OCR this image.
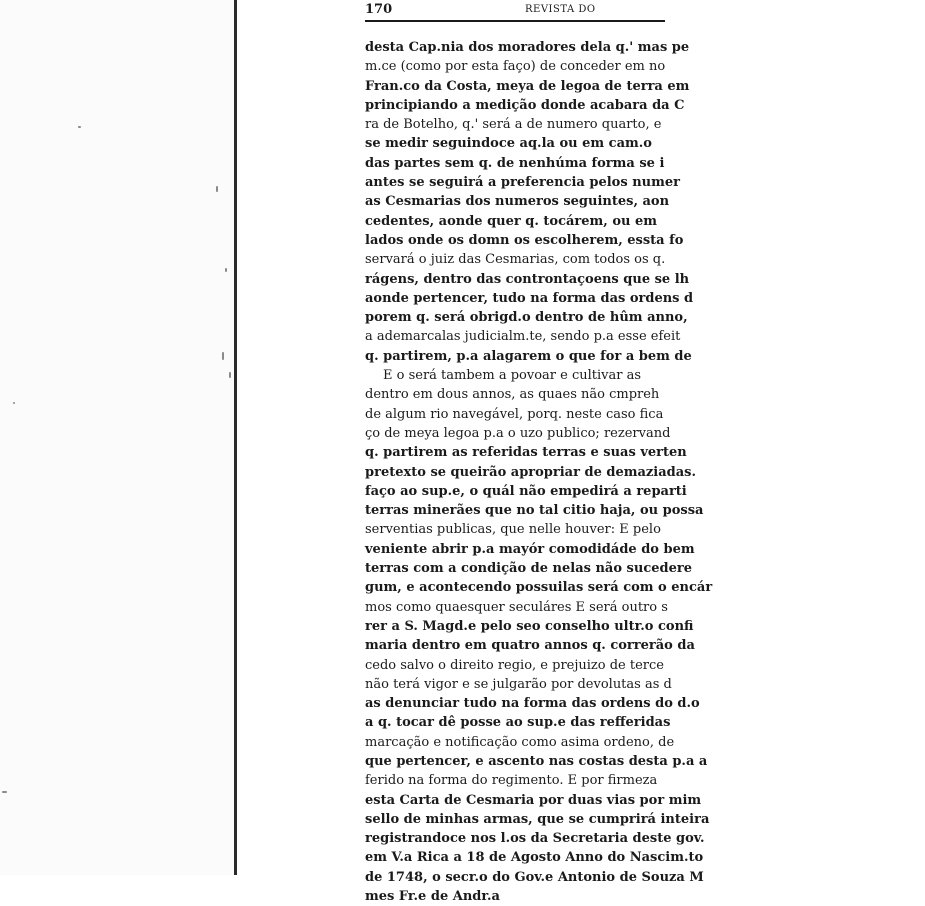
170	REVISTA DO
desta Cap.nia dos moradores dela q.' mas pe
m.ce (como por esta faço) de conceder em no
Fran.co da Costa, meya de legoa de terra em
principiando a medição donde acabara da C
ra de Botelho, q.' será a de numero quarto, e
se medir seguindoce aq.la ou em cam.o
das partes sem q. de nenhúma forma se i
antes se seguirá a preferencia pelos numer
as Cesmarias dos numeros seguintes, aon
cedentes, aonde quer q. tocárem, ou em
lados onde os domn os escolherem, essta fo
servará o juiz das Cesmarias, com todos os q.
rágens, dentro das controntaçoens que se lh
aonde pertencer, tudo na forma das ordens d
porem q. será obrigd.o dentro de hûm anno,
a ademarcalas judicialm.te, sendo p.a esse efeit
q. partirem, p.a alagarem o que for a bem de
E o será tambem a povoar e cultivar as
dentro em dous annos, as quaes não cmpreh
de algum rio navegável, porq. neste caso fica
ço de meya legoa p.a o uzo publico; rezervand
q. partirem as referidas terras e suas verten
pretexto se queirão apropriar de demaziadas.
faço ao sup.e, o quál não empedirá a reparti
terras minerães que no tal citio haja, ou possa
serventias publicas, que nelle houver: E pelo
veniente abrir p.a mayór comodidáde do bem
terras com a condição de nelas não sucedere
gum, e acontecendo possuilas será com o encár
mos como quaesquer seculáres E será outro s
rer a S. Magd.e pelo seo conselho ultr.o confi
maria dentro em quatro annos q. correrão da
cedo salvo o direito regio, e prejuizo de terce
não terá vigor e se julgarão por devolutas as d
as denunciar tudo na forma das ordens do d.o
a q. tocar dê posse ao sup.e das refferidas
marcação e notificação como asima ordeno, de
que pertencer, e ascento nas costas desta p.a a
ferido na forma do regimento. E por firmeza
esta Carta de Cesmaria por duas vias por mim
sello de minhas armas, que se cumprirá inteira
registrandoce nos l.os da Secretaria deste gov.
em V.a Rica a 18 de Agosto Anno do Nascim.to
de 1748, o secr.o do Gov.e Antonio de Souza M
mes Fr.e de Andr.a
